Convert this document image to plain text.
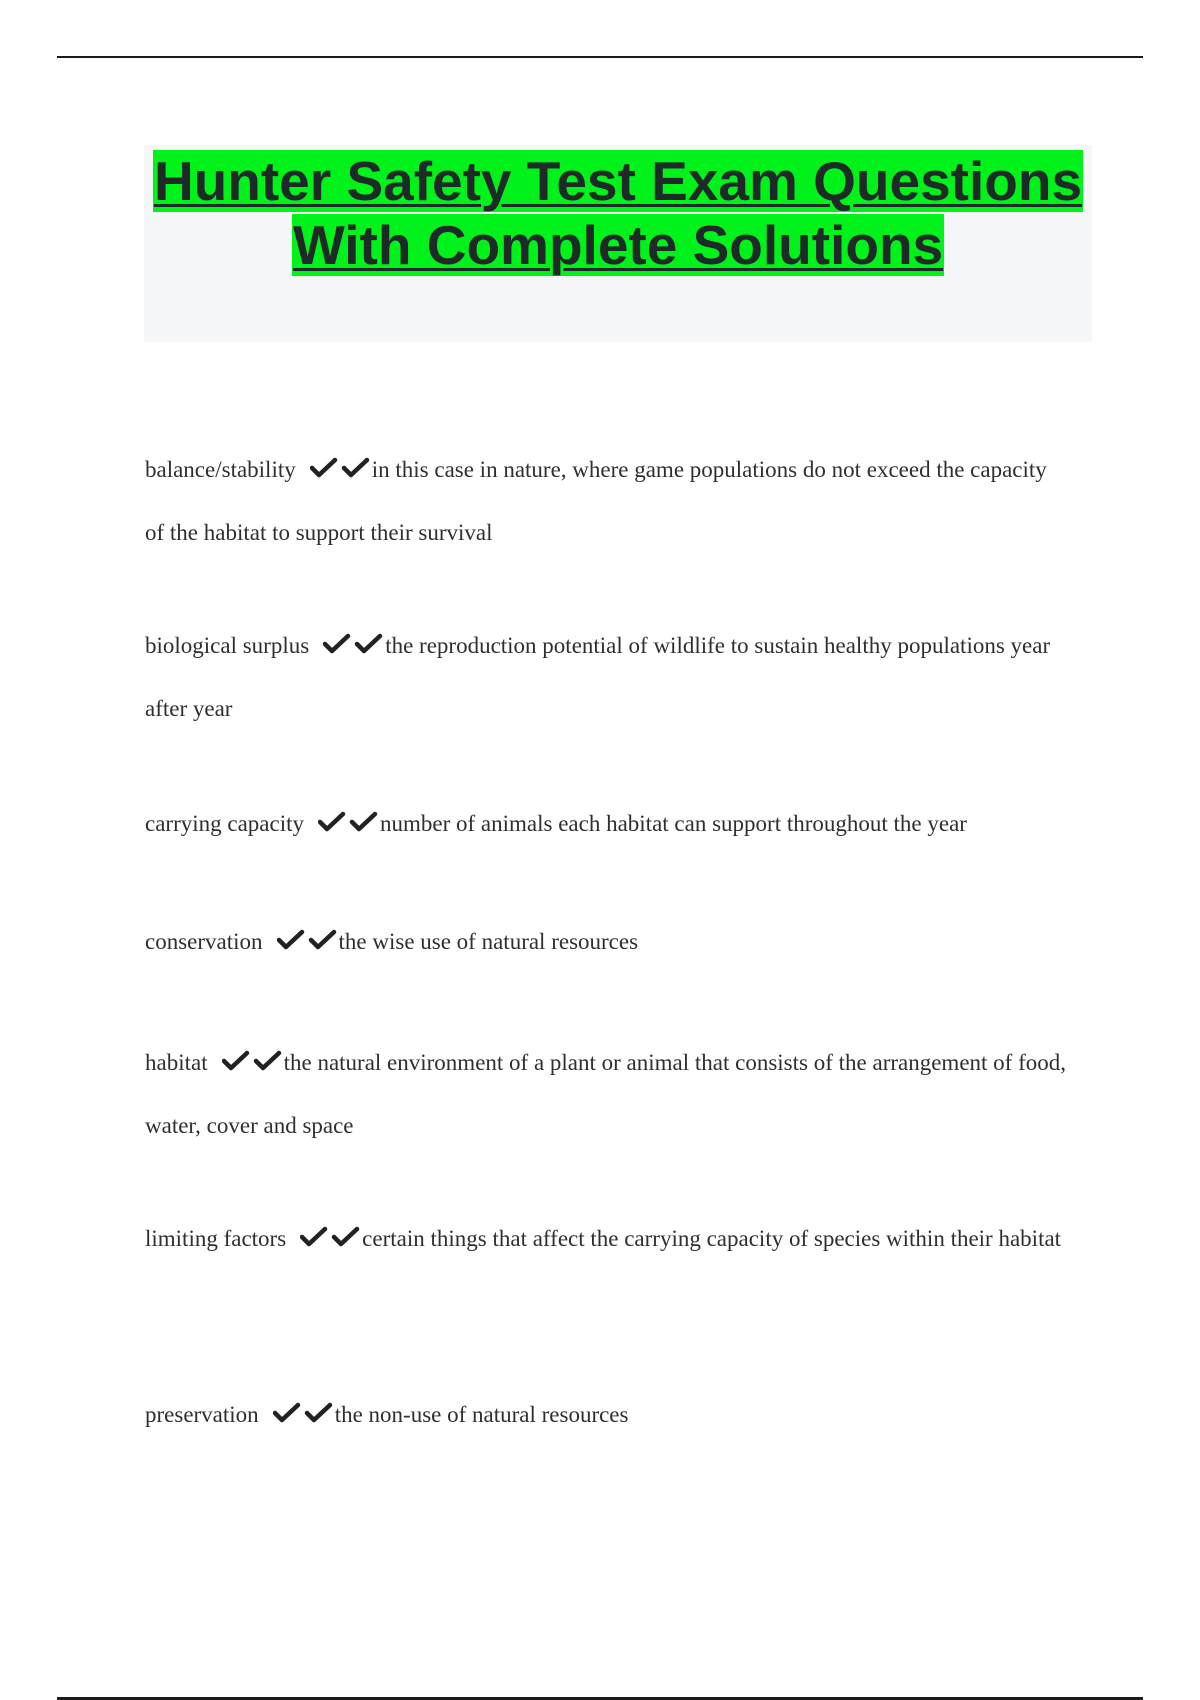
Hunter Safety Test Exam Questions With Complete Solutions

balance/stability	in this case in nature, where game populations do not exceed the capacity of the habitat to support their survival

biological surplus	the reproduction potential of wildlife to sustain healthy populations year after year

carrying capacity	number of animals each habitat can support throughout the year

conservation	the wise use of natural resources

habitat	the natural environment of a plant or animal that consists of the arrangement of food, water, cover and space

limiting factors	certain things that affect the carrying capacity of species within their habitat

preservation	the non-use of natural resources
